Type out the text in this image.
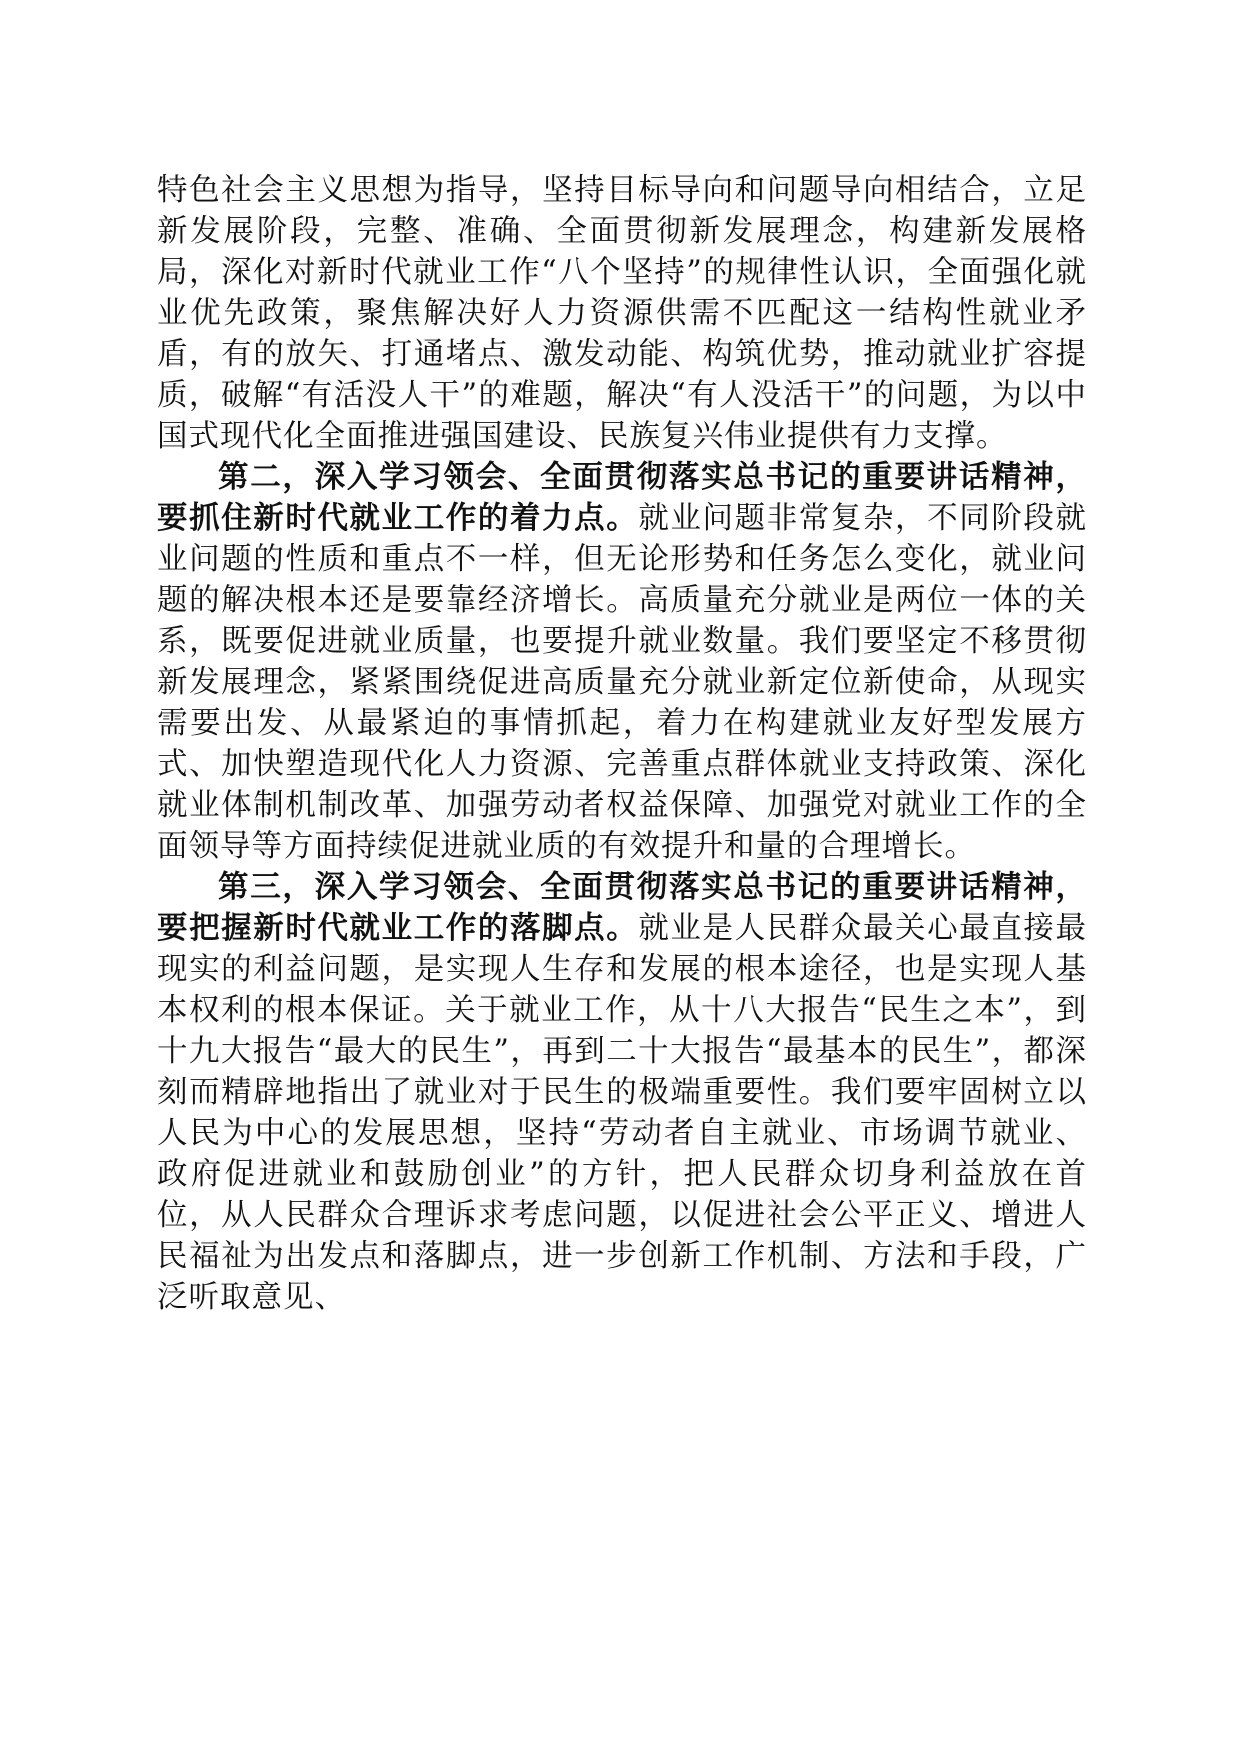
特色社会主义思想为指导，坚持目标导向和问题导向相结合，立足新发展阶段，完整、准确、全面贯彻新发展理念，构建新发展格局，深化对新时代就业工作“八个坚持”的规律性认识，全面强化就业优先政策，聚焦解决好人力资源供需不匹配这一结构性就业矛盾，有的放矢、打通堵点、激发动能、构筑优势，推动就业扩容提质，破解“有活没人干”的难题，解决“有人没活干”的问题，为以中国式现代化全面推进强国建设、民族复兴伟业提供有力支撑。

第二，深入学习领会、全面贯彻落实总书记的重要讲话精神，要抓住新时代就业工作的着力点。就业问题非常复杂，不同阶段就业问题的性质和重点不一样，但无论形势和任务怎么变化，就业问题的解决根本还是要靠经济增长。高质量充分就业是两位一体的关系，既要促进就业质量，也要提升就业数量。我们要坚定不移贯彻新发展理念，紧紧围绕促进高质量充分就业新定位新使命，从现实需要出发、从最紧迫的事情抓起，着力在构建就业友好型发展方式、加快塑造现代化人力资源、完善重点群体就业支持政策、深化就业体制机制改革、加强劳动者权益保障、加强党对就业工作的全面领导等方面持续促进就业质的有效提升和量的合理增长。

第三，深入学习领会、全面贯彻落实总书记的重要讲话精神，要把握新时代就业工作的落脚点。就业是人民群众最关心最直接最现实的利益问题，是实现人生存和发展的根本途径，也是实现人基本权利的根本保证。关于就业工作，从十八大报告“民生之本”，到十九大报告“最大的民生”，再到二十大报告“最基本的民生”，都深刻而精辟地指出了就业对于民生的极端重要性。我们要牢固树立以人民为中心的发展思想，坚持“劳动者自主就业、市场调节就业、政府促进就业和鼓励创业”的方针，把人民群众切身利益放在首位，从人民群众合理诉求考虑问题，以促进社会公平正义、增进人民福祉为出发点和落脚点，进一步创新工作机制、方法和手段，广泛听取意见、
